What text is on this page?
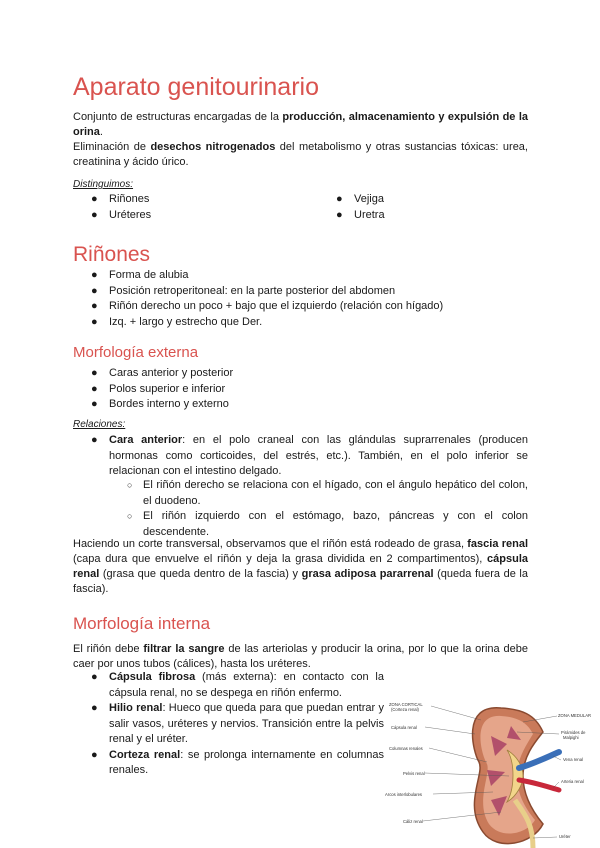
Aparato genitourinario
Conjunto de estructuras encargadas de la producción, almacenamiento y expulsión de la orina.
Eliminación de desechos nitrogenados del metabolismo y otras sustancias tóxicas: urea, creatinina y ácido úrico.
Distinguimos:
● Riñones
● Uréteres
● Vejiga
● Uretra
Riñones
● Forma de alubia
● Posición retroperitoneal: en la parte posterior del abdomen
● Riñón derecho un poco + bajo que el izquierdo (relación con hígado)
● Izq. + largo y estrecho que Der.
Morfología externa
● Caras anterior y posterior
● Polos superior e inferior
● Bordes interno y externo
Relaciones:
● Cara anterior: en el polo craneal con las glándulas suprarrenales (producen hormonas como corticoides, del estrés, etc.). También, en el polo inferior se relacionan con el intestino delgado.
○ El riñón derecho se relaciona con el hígado, con el ángulo hepático del colon, el duodeno.
○ El riñón izquierdo con el estómago, bazo, páncreas y con el colon descendente.
Haciendo un corte transversal, observamos que el riñón está rodeado de grasa, fascia renal (capa dura que envuelve el riñón y deja la grasa dividida en 2 compartimentos), cápsula renal (grasa que queda dentro de la fascia) y grasa adiposa pararrenal (queda fuera de la fascia).
Morfología interna
El riñón debe filtrar la sangre de las arteriolas y producir la orina, por lo que la orina debe caer por unos tubos (cálices), hasta los uréteres.
● Cápsula fibrosa (más externa): en contacto con la cápsula renal, no se despega en riñón enfermo.
● Hilio renal: Hueco que queda para que puedan entrar y salir vasos, uréteres y nervios. Transición entre la pelvis renal y el uréter.
● Corteza renal: se prolonga internamente en columnas renales.
ZONA CORTICAL
(Corteza renal)
Cápsula renal
Columnas renales
Pelvis renal
Arcos interlobulares
Cáliz renal
ZONA MEDULAR
Pirámides de
Malpighi
Vena renal
Arteria renal
Uréter
